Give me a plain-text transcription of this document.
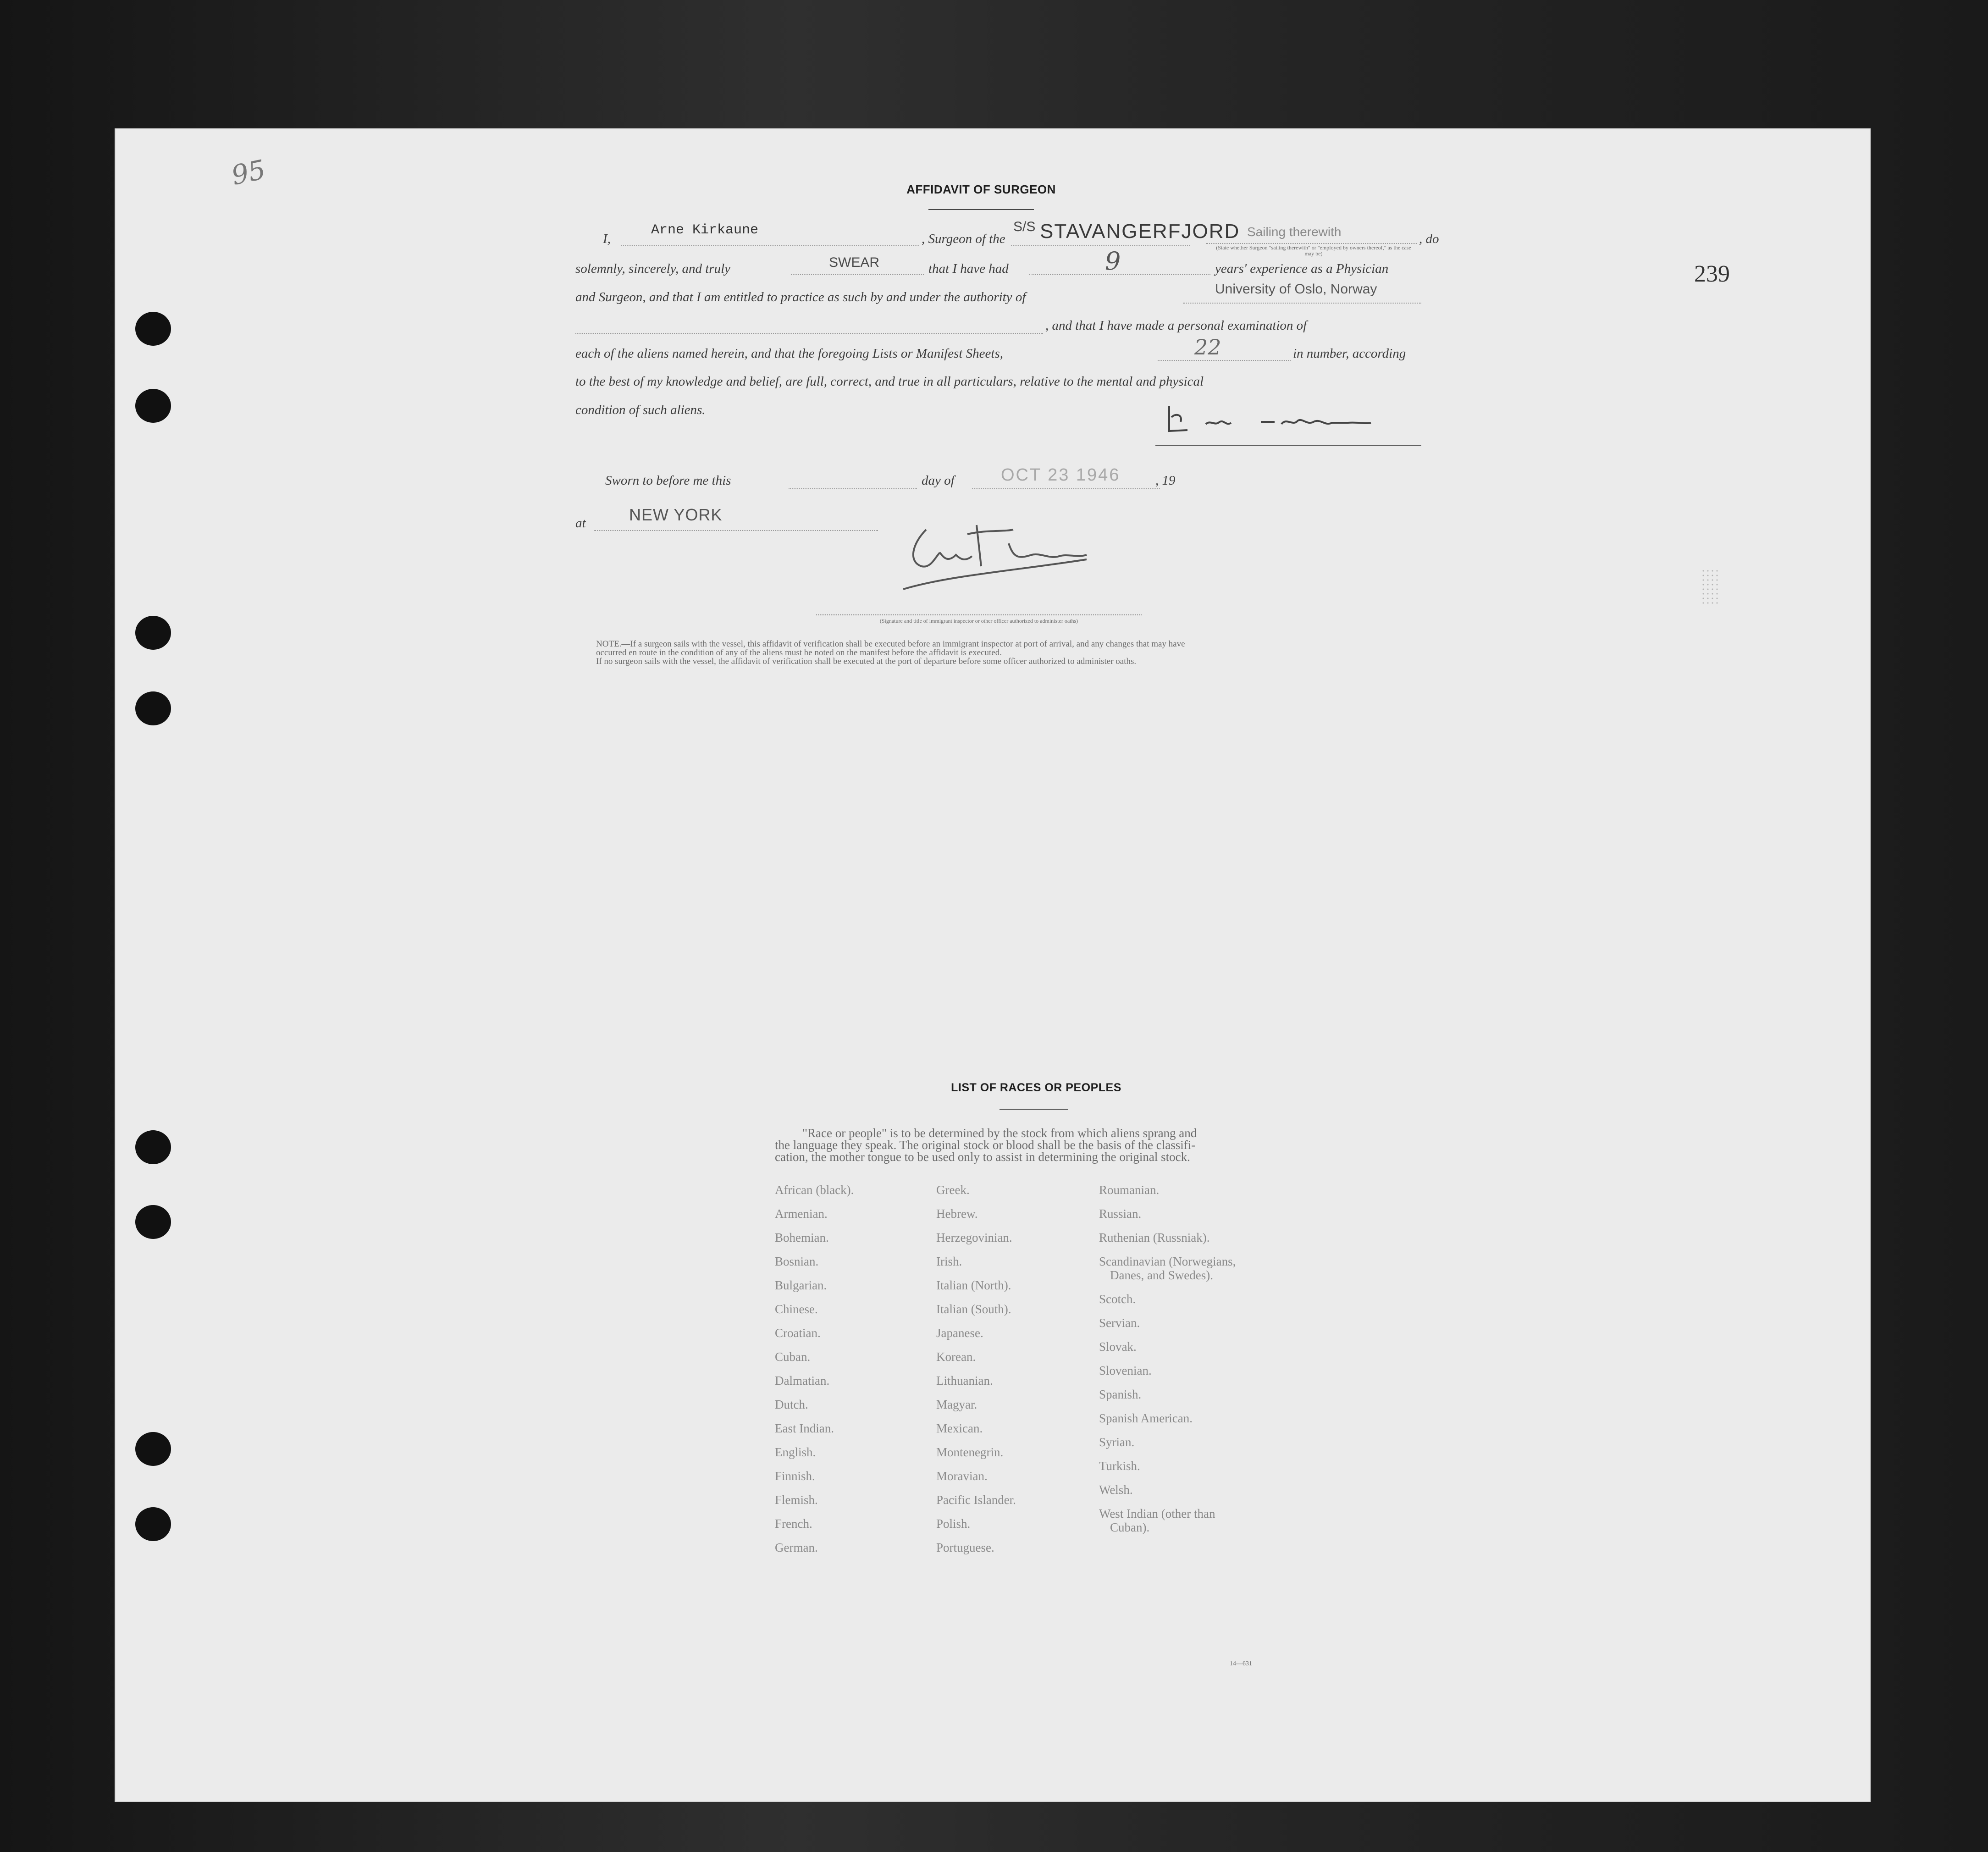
95
239
AFFIDAVIT OF SURGEON
I,
Arne Kirkaune
, Surgeon of the
S/S STAVANGERFJORD Sailing therewith
(State whether Surgeon "sailing therewith" or "employed by owners thereof," as the case may be)
, do
solemnly, sincerely, and truly	SWEAR	that I have had	9	years' experience as a Physician
and Surgeon, and that I am entitled to practice as such by and under the authority of
University of Oslo, Norway
, and that I have made a personal examination of
each of the aliens named herein, and that the foregoing Lists or Manifest Sheets,	22	in number, according
to the best of my knowledge and belief, are full, correct, and true in all particulars, relative to the mental and physical
condition of such aliens.
Sworn to before me this	day of	OCT 23 1946	, 19
at	NEW YORK
(Signature and title of immigrant inspector or other officer authorized to administer oaths)
NOTE.—If a surgeon sails with the vessel, this affidavit of verification shall be executed before an immigrant inspector at port of arrival, and any changes that may have
occurred en route in the condition of any of the aliens must be noted on the manifest before the affidavit is executed.
If no surgeon sails with the vessel, the affidavit of verification shall be executed at the port of departure before some officer authorized to administer oaths.
LIST OF RACES OR PEOPLES
"Race or people" is to be determined by the stock from which aliens sprang and
the language they speak. The original stock or blood shall be the basis of the classifi-
cation, the mother tongue to be used only to assist in determining the original stock.
African (black).
Armenian.
Bohemian.
Bosnian.
Bulgarian.
Chinese.
Croatian.
Cuban.
Dalmatian.
Dutch.
East Indian.
English.
Finnish.
Flemish.
French.
German.
Greek.
Hebrew.
Herzegovinian.
Irish.
Italian (North).
Italian (South).
Japanese.
Korean.
Lithuanian.
Magyar.
Mexican.
Montenegrin.
Moravian.
Pacific Islander.
Polish.
Portuguese.
Roumanian.
Russian.
Ruthenian (Russniak).
Scandinavian (Norwegians,
Danes, and Swedes).
Scotch.
Servian.
Slovak.
Slovenian.
Spanish.
Spanish American.
Syrian.
Turkish.
Welsh.
West Indian (other than
Cuban).
14—631
